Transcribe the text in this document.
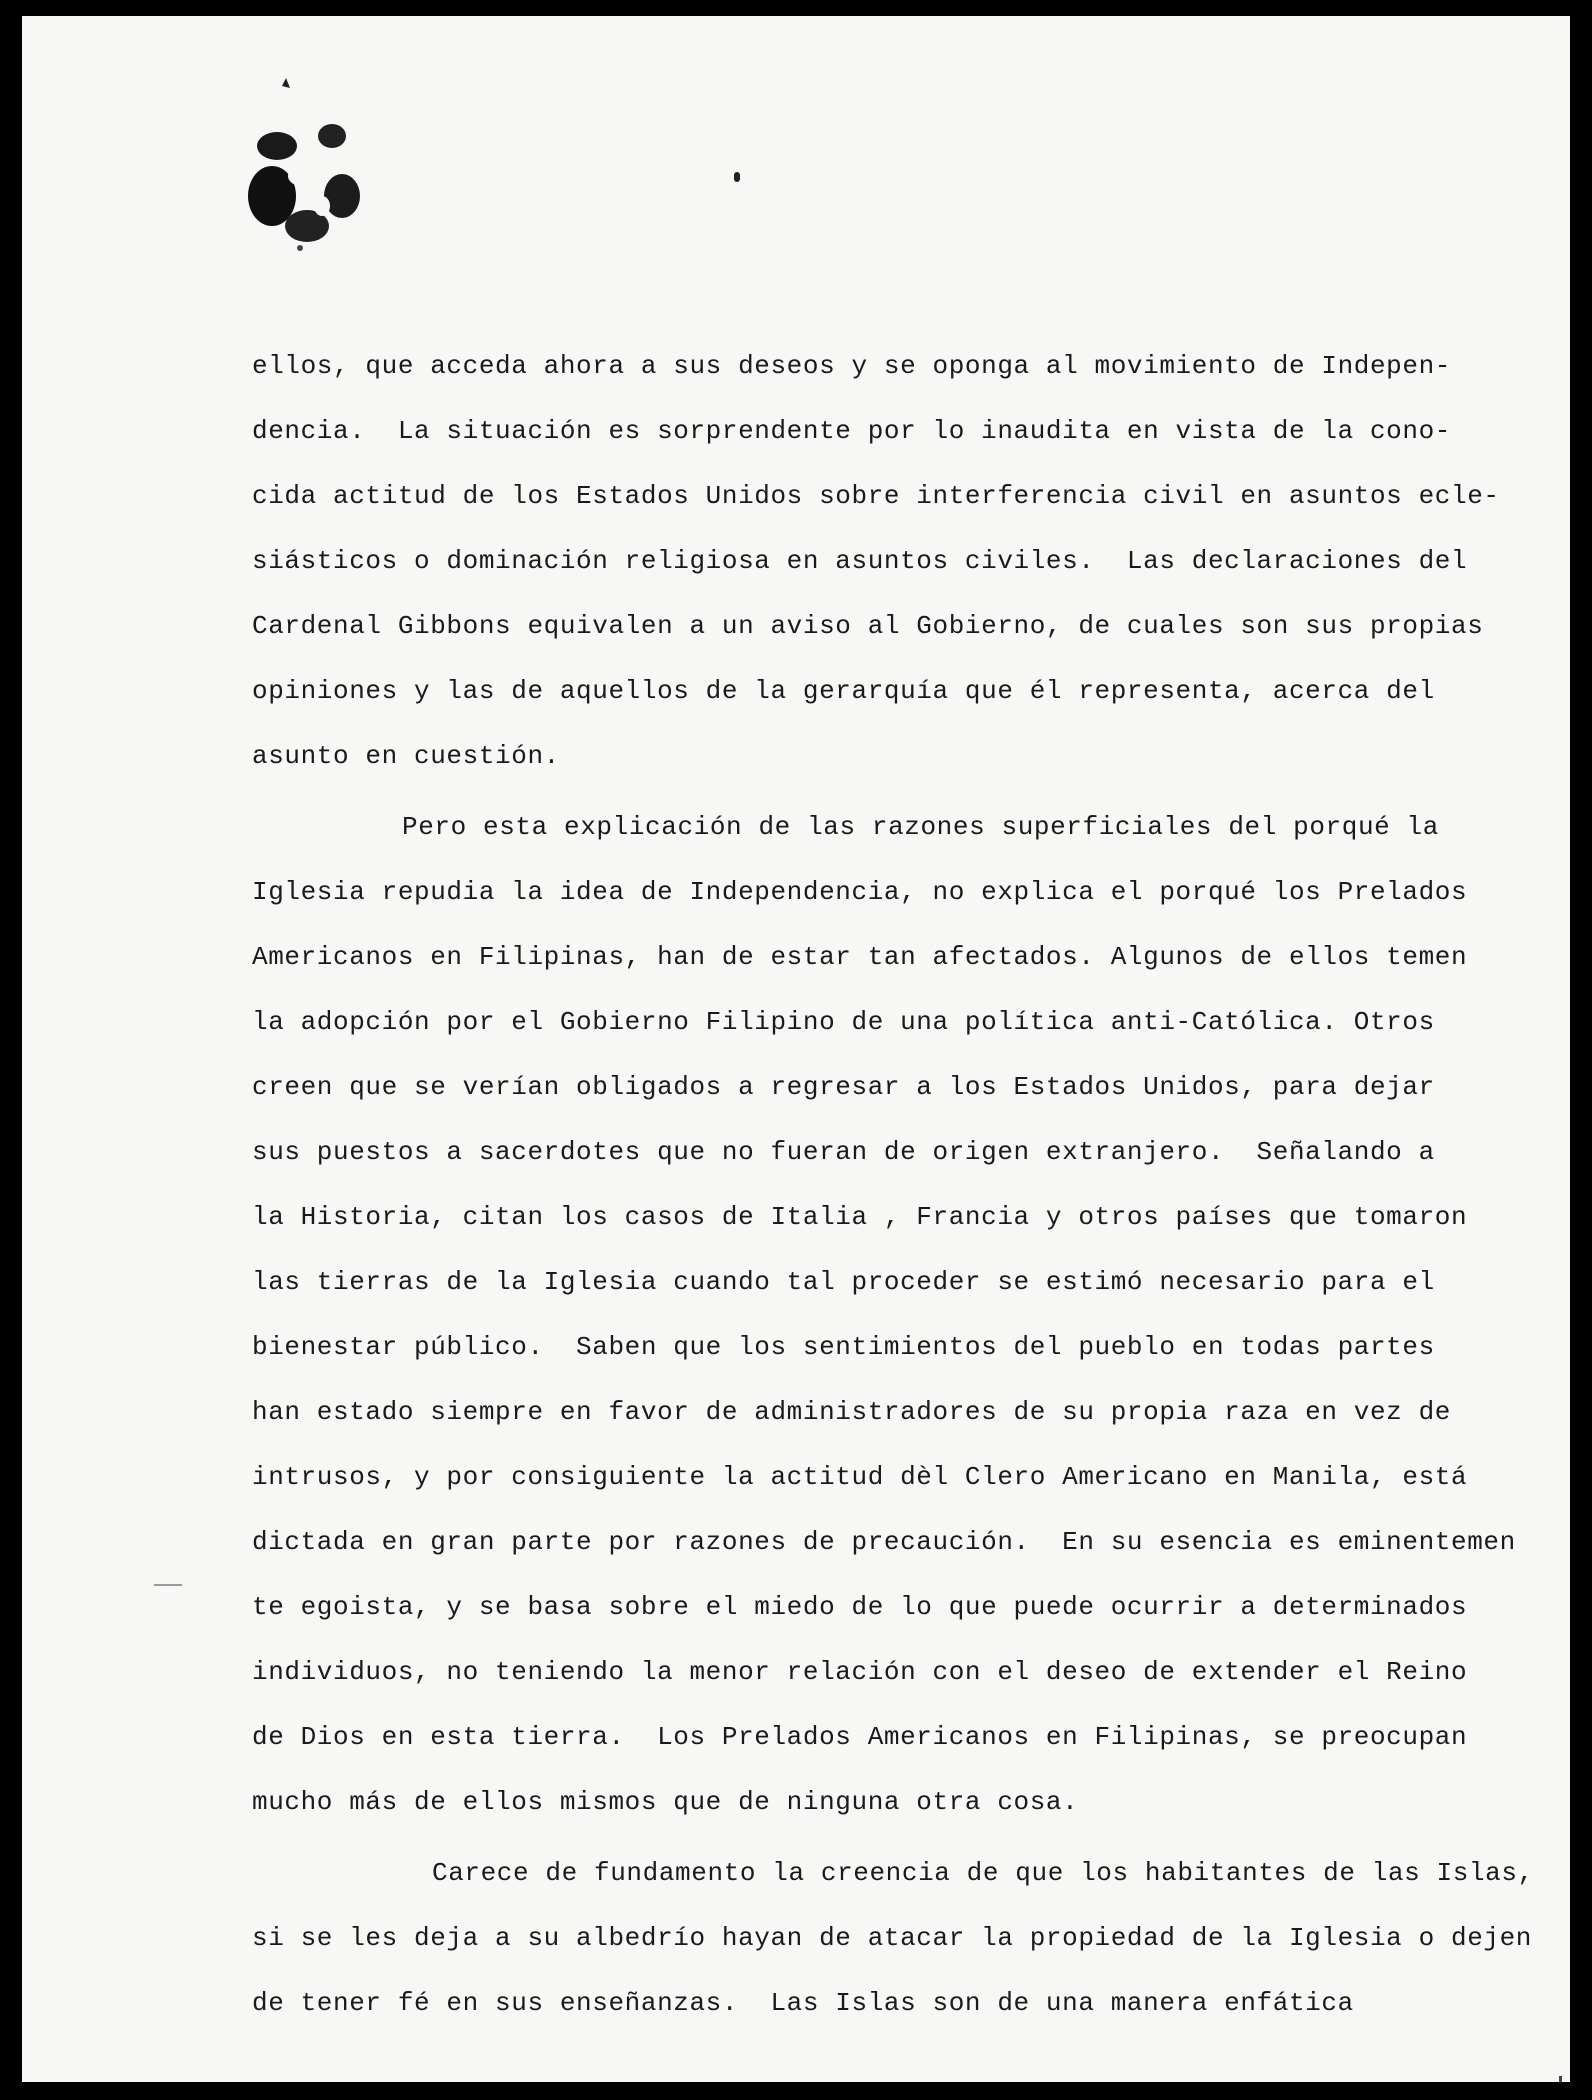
ellos, que acceda ahora a sus deseos y se oponga al movimiento de Indepen-
dencia.  La situación es sorprendente por lo inaudita en vista de la cono-
cida actitud de los Estados Unidos sobre interferencia civil en asuntos ecle-
siásticos o dominación religiosa en asuntos civiles.  Las declaraciones del
Cardenal Gibbons equivalen a un aviso al Gobierno, de cuales son sus propias
opiniones y las de aquellos de la gerarquía que él representa, acerca del
asunto en cuestión.
Pero esta explicación de las razones superficiales del porqué la
Iglesia repudia la idea de Independencia, no explica el porqué los Prelados
Americanos en Filipinas, han de estar tan afectados. Algunos de ellos temen
la adopción por el Gobierno Filipino de una política anti-Católica. Otros
creen que se verían obligados a regresar a los Estados Unidos, para dejar
sus puestos a sacerdotes que no fueran de origen extranjero.  Señalando a
la Historia, citan los casos de Italia , Francia y otros países que tomaron
las tierras de la Iglesia cuando tal proceder se estimó necesario para el
bienestar público.  Saben que los sentimientos del pueblo en todas partes
han estado siempre en favor de administradores de su propia raza en vez de
intrusos, y por consiguiente la actitud dèl Clero Americano en Manila, está
dictada en gran parte por razones de precaución.  En su esencia es eminentemen
te egoista, y se basa sobre el miedo de lo que puede ocurrir a determinados
individuos, no teniendo la menor relación con el deseo de extender el Reino
de Dios en esta tierra.  Los Prelados Americanos en Filipinas, se preocupan
mucho más de ellos mismos que de ninguna otra cosa.
Carece de fundamento la creencia de que los habitantes de las Islas,
si se les deja a su albedrío hayan de atacar la propiedad de la Iglesia o dejen
de tener fé en sus enseñanzas.  Las Islas son de una manera enfática
